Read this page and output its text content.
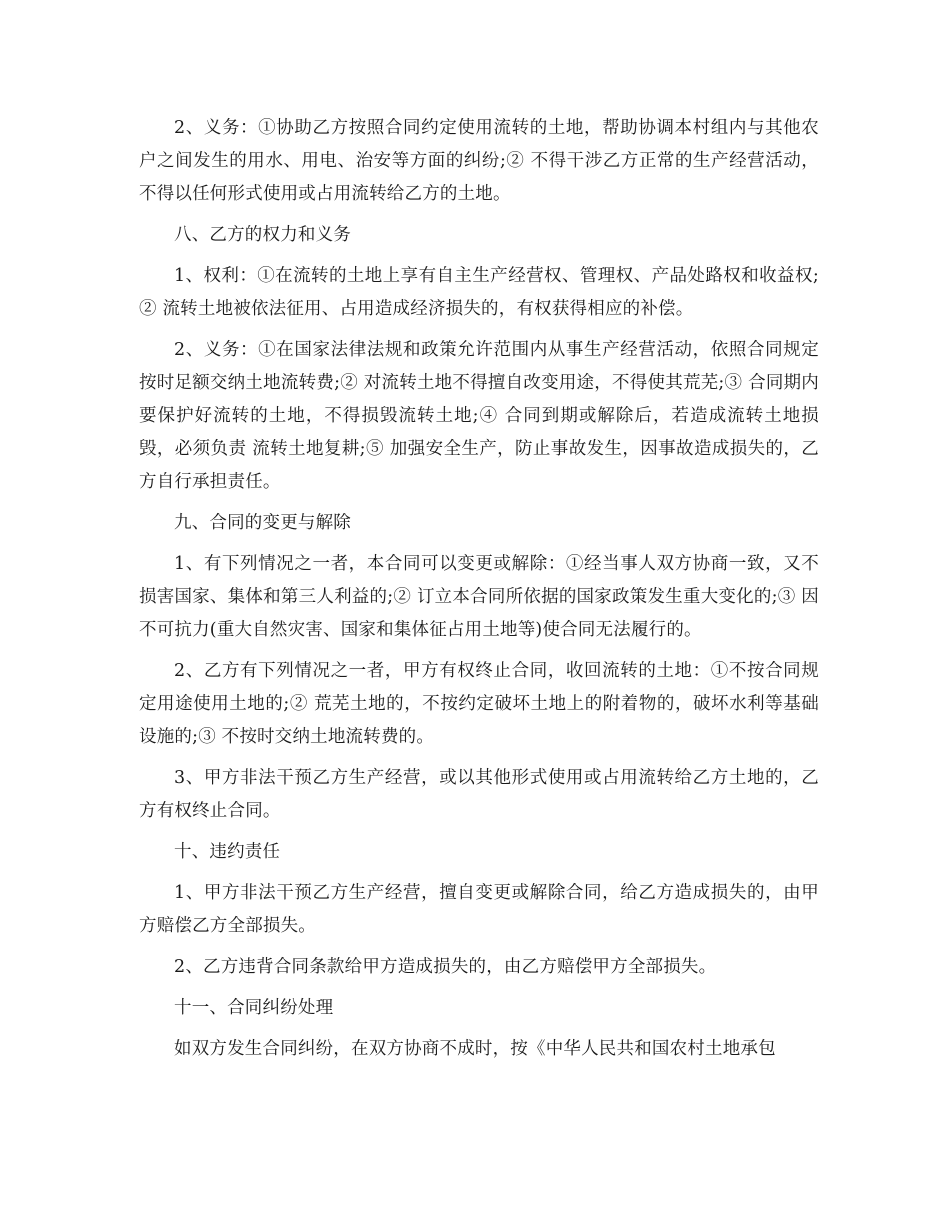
2、义务：①协助乙方按照合同约定使用流转的土地，帮助协调本村组内与其他农户之间发生的用水、用电、治安等方面的纠纷;② 不得干涉乙方正常的生产经营活动，不得以任何形式使用或占用流转给乙方的土地。

八、乙方的权力和义务

1、权利：①在流转的土地上享有自主生产经营权、管理权、产品处路权和收益权;② 流转土地被依法征用、占用造成经济损失的，有权获得相应的补偿。

2、义务：①在国家法律法规和政策允许范围内从事生产经营活动，依照合同规定按时足额交纳土地流转费;② 对流转土地不得擅自改变用途，不得使其荒芜;③ 合同期内要保护好流转的土地，不得损毁流转土地;④ 合同到期或解除后，若造成流转土地损毁，必须负责 流转土地复耕;⑤ 加强安全生产，防止事故发生，因事故造成损失的，乙方自行承担责任。

九、合同的变更与解除

1、有下列情况之一者，本合同可以变更或解除：①经当事人双方协商一致，又不损害国家、集体和第三人利益的;② 订立本合同所依据的国家政策发生重大变化的;③ 因不可抗力(重大自然灾害、国家和集体征占用土地等)使合同无法履行的。

2、乙方有下列情况之一者，甲方有权终止合同，收回流转的土地：①不按合同规定用途使用土地的;② 荒芜土地的，不按约定破坏土地上的附着物的，破坏水利等基础设施的;③ 不按时交纳土地流转费的。

3、甲方非法干预乙方生产经营，或以其他形式使用或占用流转给乙方土地的，乙方有权终止合同。

十、违约责任

1、甲方非法干预乙方生产经营，擅自变更或解除合同，给乙方造成损失的，由甲方赔偿乙方全部损失。

2、乙方违背合同条款给甲方造成损失的，由乙方赔偿甲方全部损失。

十一、合同纠纷处理

如双方发生合同纠纷，在双方协商不成时，按《中华人民共和国农村土地承包
